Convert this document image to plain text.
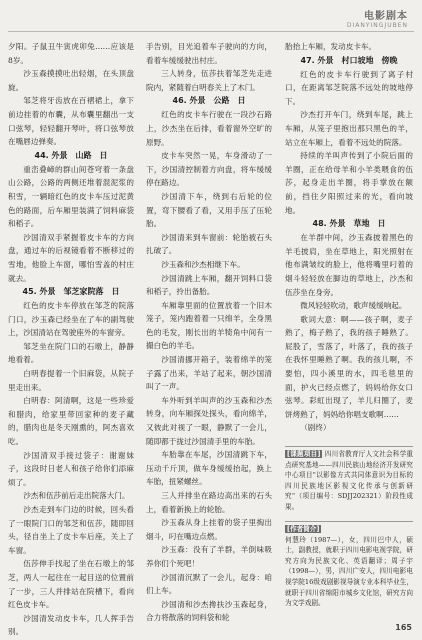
电影剧本
DIANYINGJUBEN

夕阳。子鼠丑牛寅虎卯兔……应该是8岁。

沙玉森摸摸吐出轻烟，在头顶盘旋。

邹芝将牙齿放在百褶裙上，拿下前边挂着的布囊，从布囊里翻出一支口弦琴，轻轻翻开琴叶，将口弦琴放在嘴唇边弹奏。

44. 外景　山路　日

重峦叠嶂的群山间苍穹着一条盘山公路，公路的两侧还堆着混泥浆的积雪，一辆暗红色的皮卡车压过泥黄色的路面，后车厢里装满了饲料麻袋和稻子。

沙国清双手紧握着皮卡车的方向盘，通过车的后视镜看着不断移过的雪地，他脸上车窗，哪怕雪盖的村庄就去。

45. 外景　邹芝家院落　日

红色的皮卡车停放在邹芝的院落门口，沙玉森已经坐在了车的副驾驶上，沙国清站在驾驶座外的车窗旁。

邹芝坐在院门口的石墩上，静静地看着。

白明春提着一个旧麻袋，从院子里走出来。

白明春：阿清啊，这是一些珍爱和腊肉，给家里带回家种的麦子藏的，腊肉也是冬天刚熏的，阿杰喜欢吃。

沙国清双手接过袋子：谢谢妹子，这段时日老人和孩子给你们添麻烦了。

沙杰和伍莎前后走出院落大门。

沙杰走到车门边的时候，回头看了一眼院门口的邹芝和伍莎，随即回头，径自坐上了皮卡车后座，关上了车窗。

伍莎伸手找起了坐在石墩上的邹芝，两人一起往在一起目送的位置前了一步，三人并排站在院槽下，看向红色皮卡车。

沙国清发动皮卡车，几人挥手告别。

手告别，目光追着车子驶向的方向，看着车缓缓驶出村庄。

三人转身，伍莎扶着邹芝先走进院内，紧随着白明春关上了木门。

46. 外景　公路　日

红色的皮卡车行驶在一段沙石路上，沙杰坐在后排，看着窗外空旷的原野。

皮卡车突然一晃，车身滑动了一下，沙国清控制着方向盘，将车缓缓停在路边。

沙国清下车，绕到右后轮的位置，弯下腰看了看，又用手压了压轮胎。

沙国清来到车窗前：轮胎被石头扎破了。

沙玉森和沙杰相继下车。

沙国清跳上车厢，翻开饲料口袋和稻子，拎出备胎。

车厢靠里面的位置放着一个旧木笼子，笼内跑着着一只绵羊，全身黑色的毛发，刚长出的羊犄角中间有一撮白色的羊毛。

沙国清挪开箱子，装着绵羊的笼子露了出来，羊站了起来，朝沙国清叫了一声。

车外听到羊叫声的沙玉森和沙杰转身，向车厢探处探头，看向绵羊，又彼此对视了一眼，静默了一会儿，随即都于拢过沙国清手里的车胎。

车胎靠在车尾，沙国清跳下车，压动千斤顶，做车身缓缓抬起，换上车胎，扭紧螺丝。

三人并排坐在路边高出来的石头上，看着新换上的轮胎。

沙玉森从身上挂着的袋子里掏出烟斗，叼在嘴边点燃。

沙玉森：没有了羊群，羊倒味吸养你们个死吧！

沙国清沉默了一会儿，起身：咱们上车。

沙国清和沙杰搀扶沙玉森起身，合力将散落的饲料袋和轮

胎抬上车厢，发动皮卡车。

47. 外景　村口坡地　傍晚

红色的皮卡车行驶到了离子村口，在距离邹芝院落不远处的坡地停下。

沙杰打开车门，绕到车尾，跳上车厢，从笼子里抱出那只黑色的羊，站立在车厢上，看着不远处的院落。

持续的羊叫声传到了小院后面的羊圈，正在给母羊和小羊类喂食的伍莎，起身走出羊圈，将手掌放在额前，挡住夕阳照过来的光，看向坡地。

48. 外景　草地　日

在羊群中间，沙玉森披着黑色的羊毛披肩，坐在草地上，阳光照射在他布满皱纹的脸上，他将嘴里叼着的烟斗轻轻放在脚边的草地上，沙杰和伍莎坐在身旁。

微风轻轻吹动，歌声缓缓响起。

歌词大意：啊——孩子啊，麦子熟了，梅子熟了，我的孩子睡熟了。屁股了，雪落了，叶落了，我的孩子在我怀里睡熟了啊。我的孩儿啊，不要怕，四小溪里的水，四毛毯里的面，护火已经点燃了，妈妈给你女口弦琴。彩虹出现了，羊儿归圈了，麦饼烤熟了，妈妈给你唱支歌啊……

（剧终）

[课题项目] 四川省教育厅人文社会科学重点研究基地——四川民族山地经济开发研究中心项目"以影像方式共同体意识为目标的四川民族地区影视文化传承与创新研究"（项目编号：SDJJ202321）阶段性成果。
[作者简介]
何慧玲（1987—），女，四川巴中人，硕士，副教授，就职于四川电影电视学院，研究方向为民族文化、英语翻译；周子宇（1998—），男，四川广安人，四川电影电视学院16级戏剧影视导演专业本科毕业生，就职于四川省绵阳市城乡文化馆，研究方向为文学戏剧。
165
